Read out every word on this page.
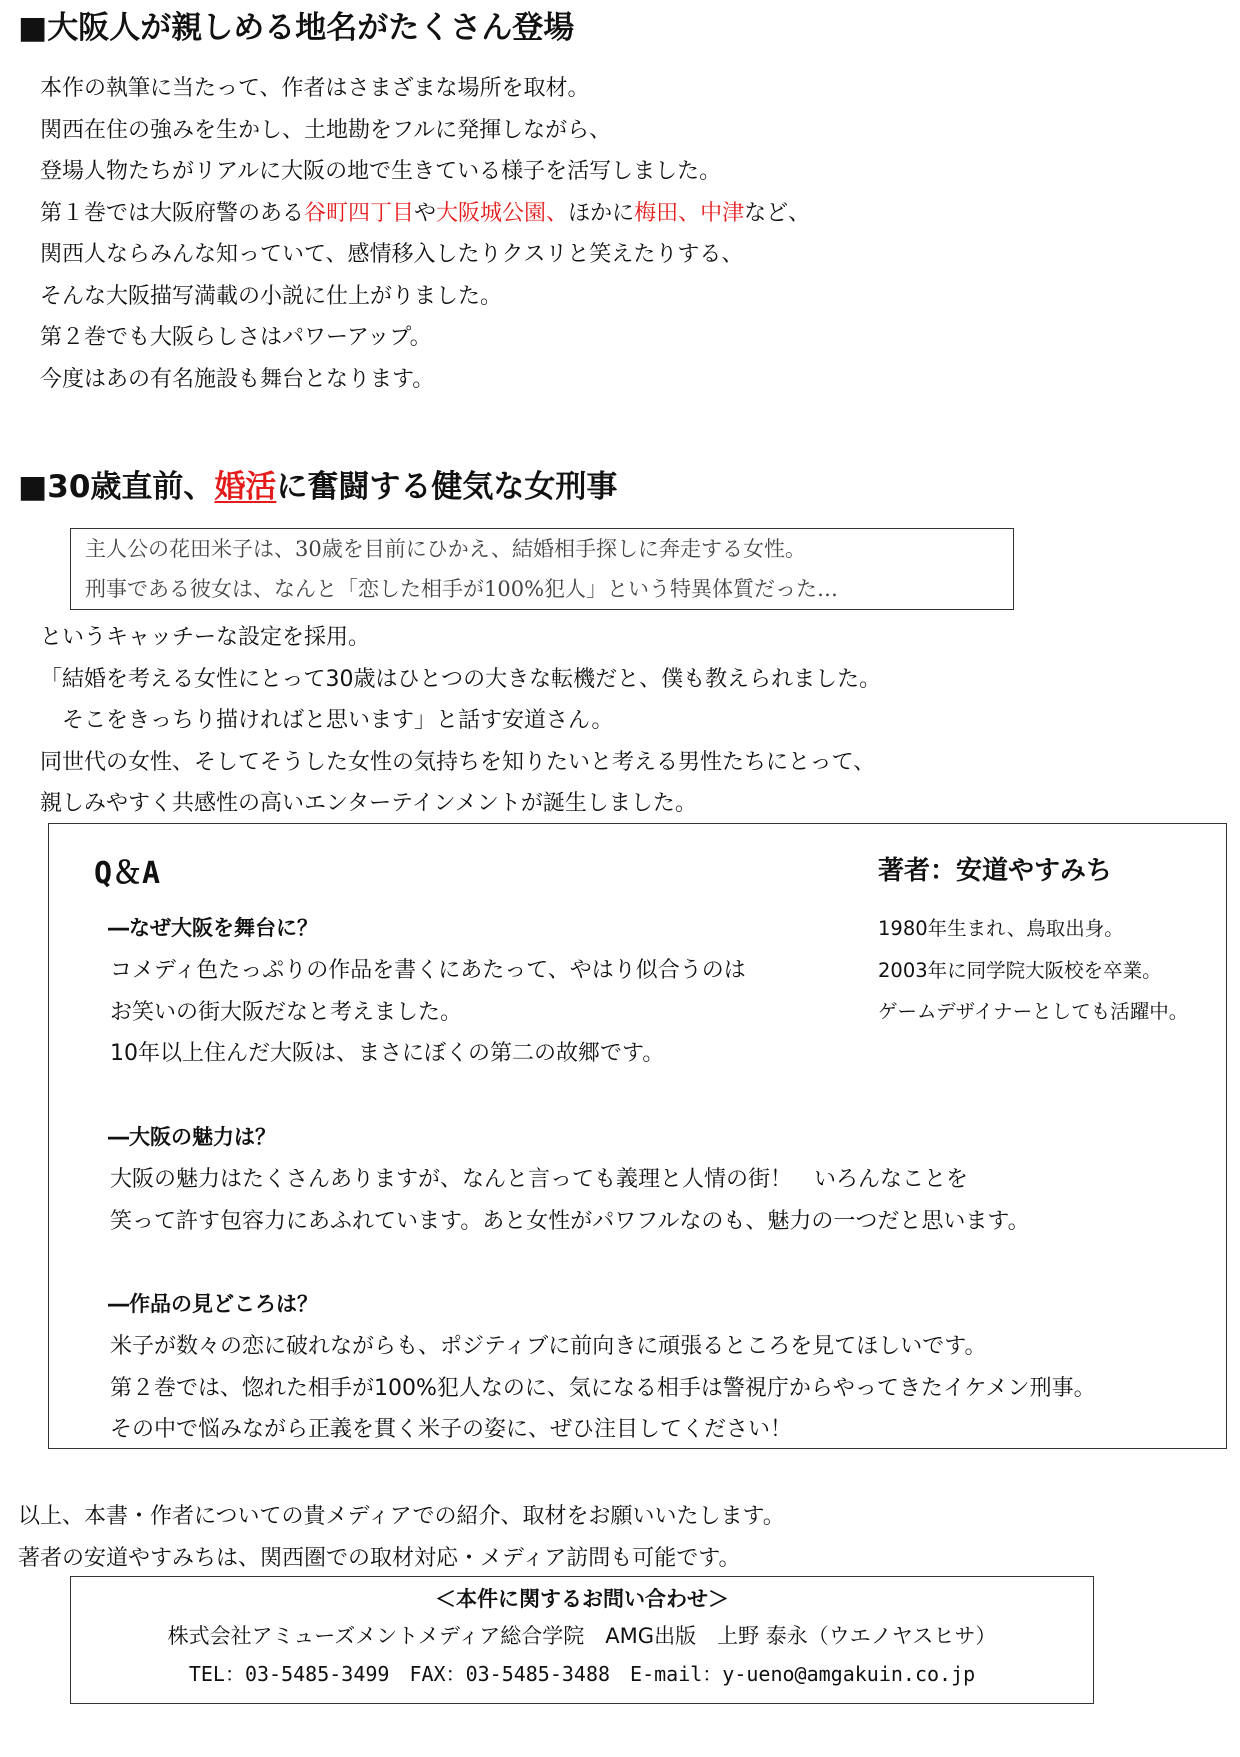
■大阪人が親しめる地名がたくさん登場
本作の執筆に当たって、作者はさまざまな場所を取材。
関西在住の強みを生かし、土地勘をフルに発揮しながら、
登場人物たちがリアルに大阪の地で生きている様子を活写しました。
第１巻では大阪府警のある谷町四丁目や大阪城公園、ほかに梅田、中津など、
関西人ならみんな知っていて、感情移入したりクスリと笑えたりする、
そんな大阪描写満載の小説に仕上がりました。
第２巻でも大阪らしさはパワーアップ。
今度はあの有名施設も舞台となります。
■30歳直前、婚活に奮闘する健気な女刑事
主人公の花田米子は、30歳を目前にひかえ、結婚相手探しに奔走する女性。
刑事である彼女は、なんと「恋した相手が100%犯人」という特異体質だった…
というキャッチーな設定を採用。
「結婚を考える女性にとって30歳はひとつの大きな転機だと、僕も教えられました。
　そこをきっちり描ければと思います」と話す安道さん。
同世代の女性、そしてそうした女性の気持ちを知りたいと考える男性たちにとって、
親しみやすく共感性の高いエンターテインメントが誕生しました。
Q＆A	著者：安道やすみち
1980年生まれ、鳥取出身。
2003年に同学院大阪校を卒業。
ゲームデザイナーとしても活躍中。
―なぜ大阪を舞台に？
コメディ色たっぷりの作品を書くにあたって、やはり似合うのは
お笑いの街大阪だなと考えました。
10年以上住んだ大阪は、まさにぼくの第二の故郷です。
―大阪の魅力は？
大阪の魅力はたくさんありますが、なんと言っても義理と人情の街！　いろんなことを
笑って許す包容力にあふれています。あと女性がパワフルなのも、魅力の一つだと思います。
―作品の見どころは？
米子が数々の恋に破れながらも、ポジティブに前向きに頑張るところを見てほしいです。
第２巻では、惚れた相手が100%犯人なのに、気になる相手は警視庁からやってきたイケメン刑事。
その中で悩みながら正義を貫く米子の姿に、ぜひ注目してください！
以上、本書・作者についての貴メディアでの紹介、取材をお願いいたします。
著者の安道やすみちは、関西圏での取材対応・メディア訪問も可能です。
＜本件に関するお問い合わせ＞
株式会社アミューズメントメディア総合学院　AMG出版　上野 泰永（ウエノヤスヒサ）
TEL：03-5485-3499　FAX：03-5485-3488　E-mail：y-ueno@amgakuin.co.jp
